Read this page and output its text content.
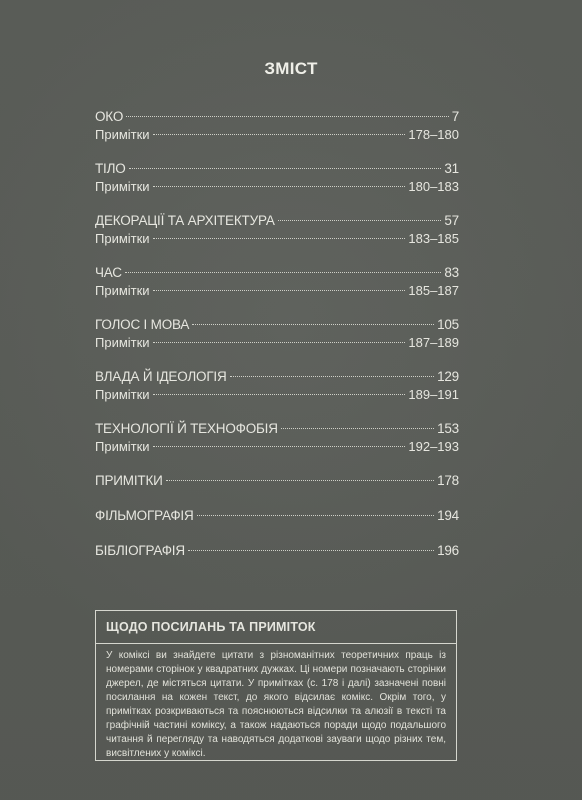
ЗМІСТ
ОКО	7
Примітки	178–180
ТІЛО	31
Примітки	180–183
ДЕКОРАЦІЇ ТА АРХІТЕКТУРА	57
Примітки	183–185
ЧАС	83
Примітки	185–187
ГОЛОС І МОВА	105
Примітки	187–189
ВЛАДА Й ІДЕОЛОГІЯ	129
Примітки	189–191
ТЕХНОЛОГІЇ Й ТЕХНОФОБІЯ	153
Примітки	192–193
ПРИМІТКИ	178
ФІЛЬМОГРАФІЯ	194
БІБЛІОГРАФІЯ	196
ЩОДО ПОСИЛАНЬ ТА ПРИМІТОК
У коміксі ви знайдете цитати з різноманітних теоретичних праць із номерами сторінок у квадратних дужках. Ці номери позначають сторінки джерел, де містяться цитати. У примітках (с. 178 і далі) зазначені повні посилання на кожен текст, до якого відсилає комікс. Окрім того, у примітках розкриваються та пояснюються відсилки та алюзії в тексті та графічній частині коміксу, а також надаються поради щодо подальшого читання й перегляду та наводяться додаткові зауваги щодо різних тем, висвітлених у коміксі.
